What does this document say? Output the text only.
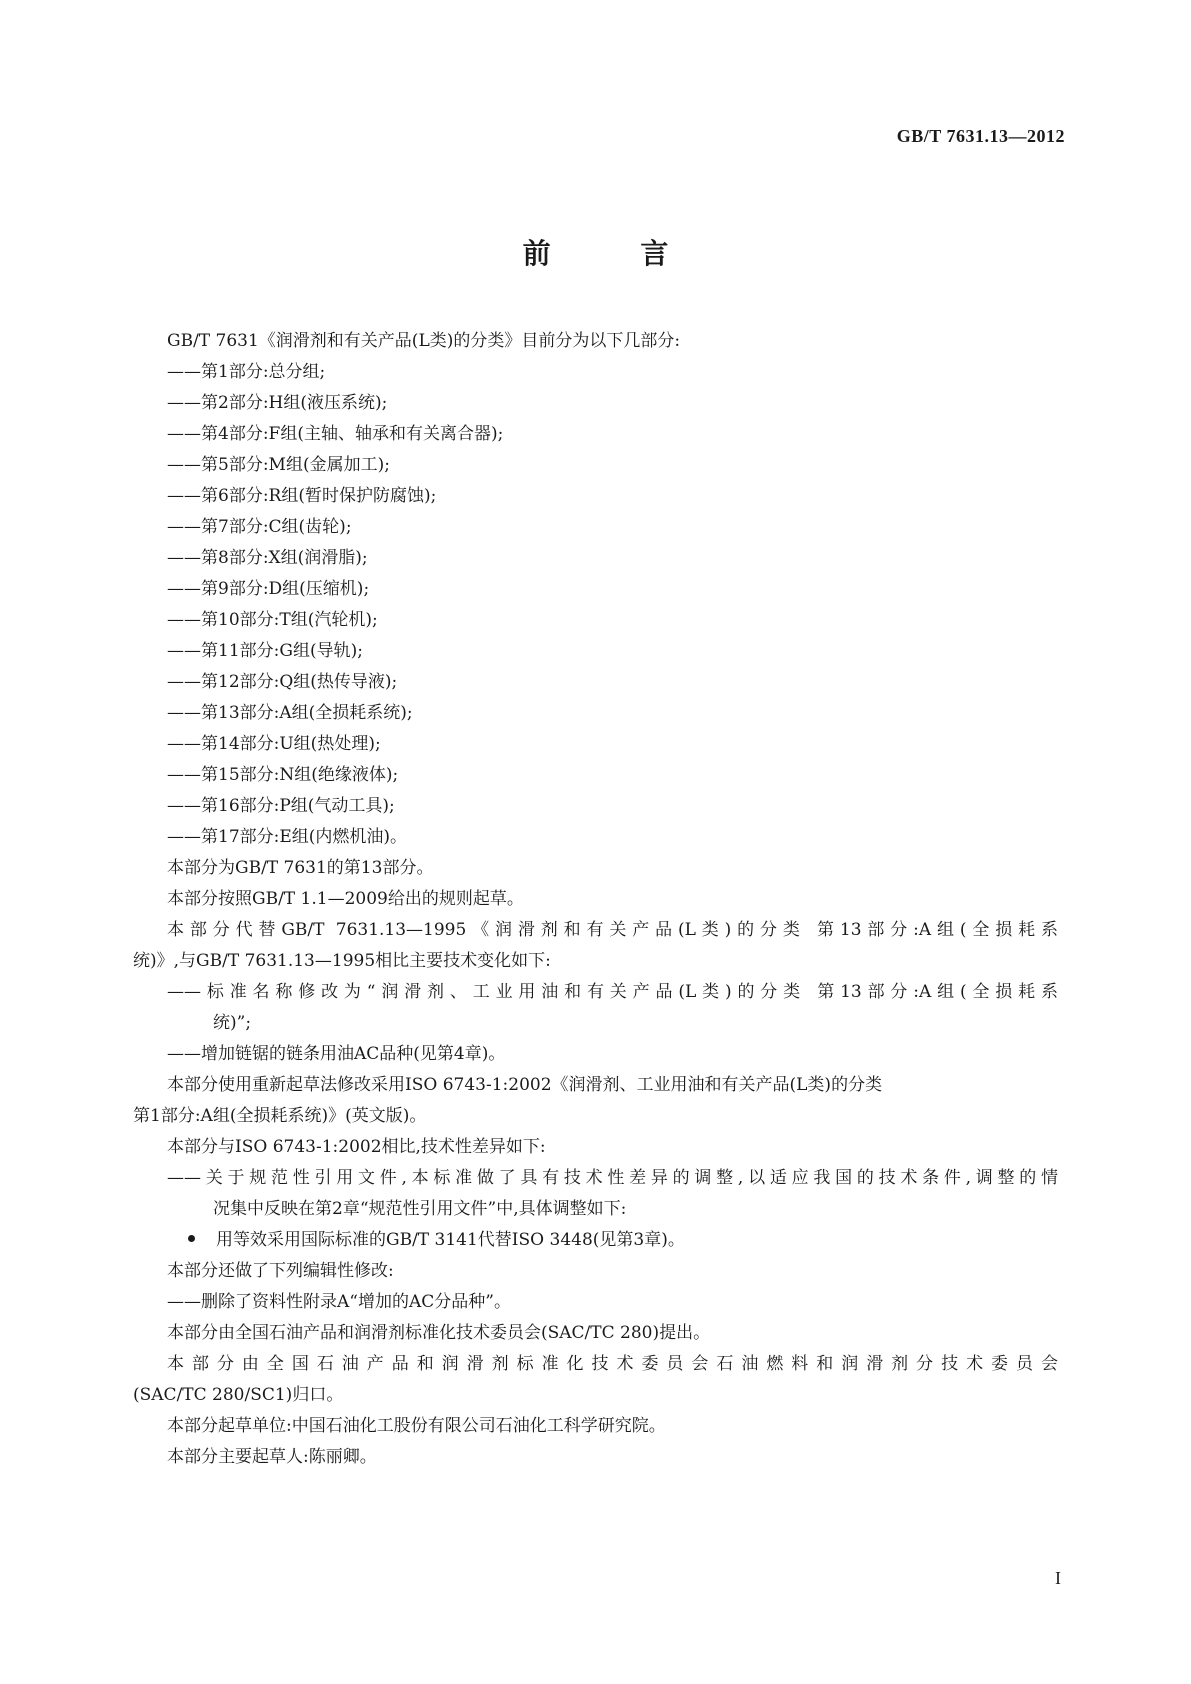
GB/T 7631.13—2012
前 言
GB/T 7631《润滑剂和有关产品(L类)的分类》目前分为以下几部分:
——第1部分:总分组;
——第2部分:H组(液压系统);
——第4部分:F组(主轴、轴承和有关离合器);
——第5部分:M组(金属加工);
——第6部分:R组(暂时保护防腐蚀);
——第7部分:C组(齿轮);
——第8部分:X组(润滑脂);
——第9部分:D组(压缩机);
——第10部分:T组(汽轮机);
——第11部分:G组(导轨);
——第12部分:Q组(热传导液);
——第13部分:A组(全损耗系统);
——第14部分:U组(热处理);
——第15部分:N组(绝缘液体);
——第16部分:P组(气动工具);
——第17部分:E组(内燃机油)。
本部分为GB/T 7631的第13部分。
本部分按照GB/T 1.1—2009给出的规则起草。
本部分代替GB/T 7631.13—1995《润滑剂和有关产品(L类)的分类 第13部分:A组(全损耗系
统)》,与GB/T 7631.13—1995相比主要技术变化如下:
——标准名称修改为“润滑剂、工业用油和有关产品(L类)的分类 第13部分:A组(全损耗系
统)”;
——增加链锯的链条用油AC品种(见第4章)。
本部分使用重新起草法修改采用ISO 6743-1:2002《润滑剂、工业用油和有关产品(L类)的分类
第1部分:A组(全损耗系统)》(英文版)。
本部分与ISO 6743-1:2002相比,技术性差异如下:
——关于规范性引用文件,本标准做了具有技术性差异的调整,以适应我国的技术条件,调整的情
况集中反映在第2章“规范性引用文件”中,具体调整如下:
用等效采用国际标准的GB/T 3141代替ISO 3448(见第3章)。
本部分还做了下列编辑性修改:
——删除了资料性附录A“增加的AC分品种”。
本部分由全国石油产品和润滑剂标准化技术委员会(SAC/TC 280)提出。
本部分由全国石油产品和润滑剂标准化技术委员会石油燃料和润滑剂分技术委员会
(SAC/TC 280/SC1)归口。
本部分起草单位:中国石油化工股份有限公司石油化工科学研究院。
本部分主要起草人:陈丽卿。
I
